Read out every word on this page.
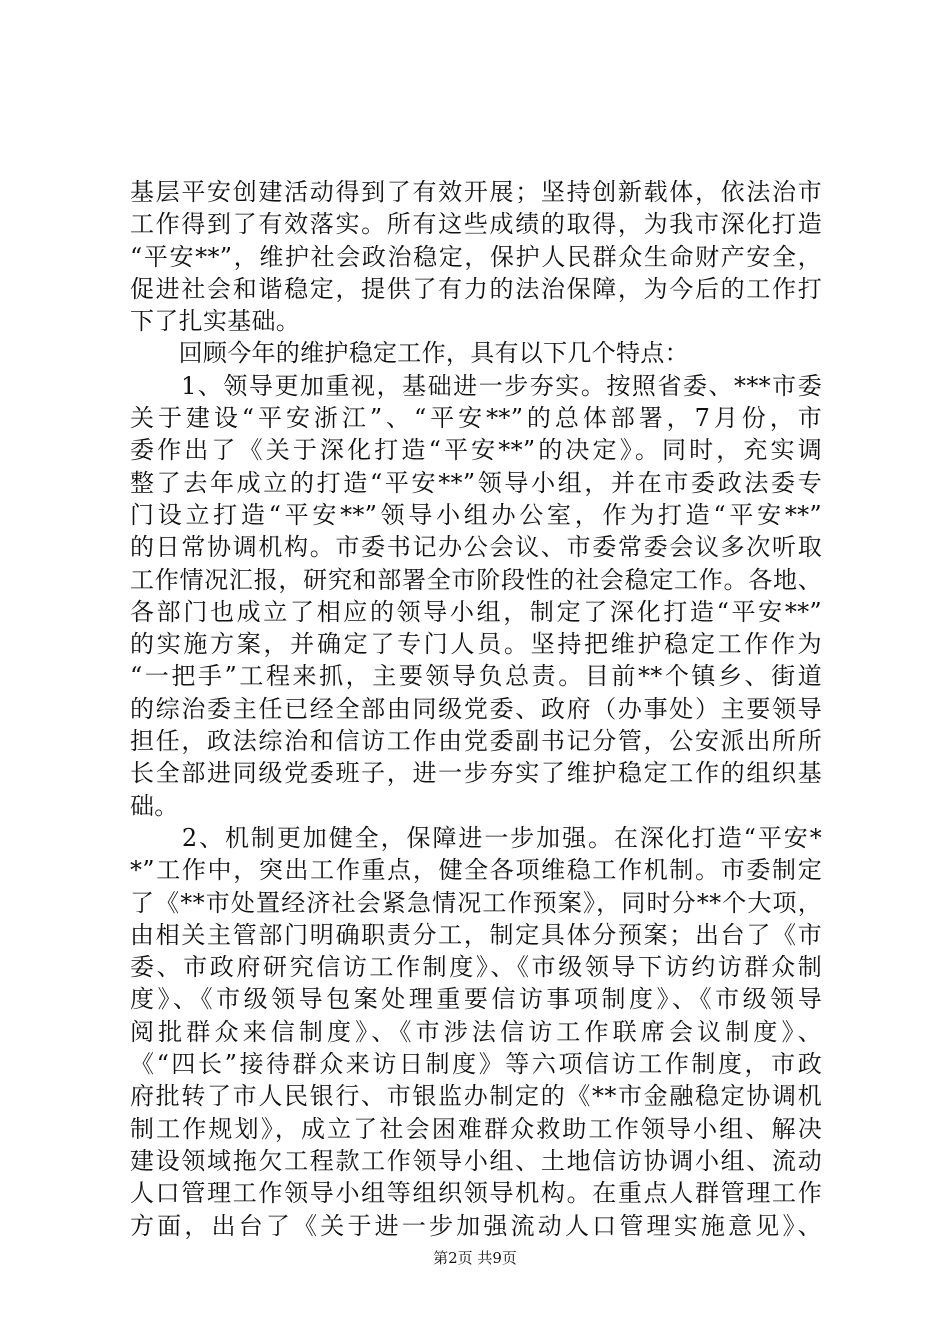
基层平安创建活动得到了有效开展；坚持创新载体，依法治市
工作得到了有效落实。所有这些成绩的取得，为我市深化打造
“平安**”，维护社会政治稳定，保护人民群众生命财产安全，
促进社会和谐稳定，提供了有力的法治保障，为今后的工作打
下了扎实基础。
　　回顾今年的维护稳定工作，具有以下几个特点：
　　1、领导更加重视，基础进一步夯实。按照省委、***市委
关于建设“平安浙江”、“平安**”的总体部署，7月份，市
委作出了《关于深化打造“平安**”的决定》。同时，充实调
整了去年成立的打造“平安**”领导小组，并在市委政法委专
门设立打造“平安**”领导小组办公室，作为打造“平安**”
的日常协调机构。市委书记办公会议、市委常委会议多次听取
工作情况汇报，研究和部署全市阶段性的社会稳定工作。各地、
各部门也成立了相应的领导小组，制定了深化打造“平安**”
的实施方案，并确定了专门人员。坚持把维护稳定工作作为
“一把手”工程来抓，主要领导负总责。目前**个镇乡、街道
的综治委主任已经全部由同级党委、政府（办事处）主要领导
担任，政法综治和信访工作由党委副书记分管，公安派出所所
长全部进同级党委班子，进一步夯实了维护稳定工作的组织基
础。
　　2、机制更加健全，保障进一步加强。在深化打造“平安*
*”工作中，突出工作重点，健全各项维稳工作机制。市委制定
了《**市处置经济社会紧急情况工作预案》，同时分**个大项，
由相关主管部门明确职责分工，制定具体分预案；出台了《市
委、市政府研究信访工作制度》、《市级领导下访约访群众制
度》、《市级领导包案处理重要信访事项制度》、《市级领导
阅批群众来信制度》、《市涉法信访工作联席会议制度》、
《“四长”接待群众来访日制度》等六项信访工作制度，市政
府批转了市人民银行、市银监办制定的《**市金融稳定协调机
制工作规划》，成立了社会困难群众救助工作领导小组、解决
建设领域拖欠工程款工作领导小组、土地信访协调小组、流动
人口管理工作领导小组等组织领导机构。在重点人群管理工作
方面，出台了《关于进一步加强流动人口管理实施意见》、
第2页 共9页
